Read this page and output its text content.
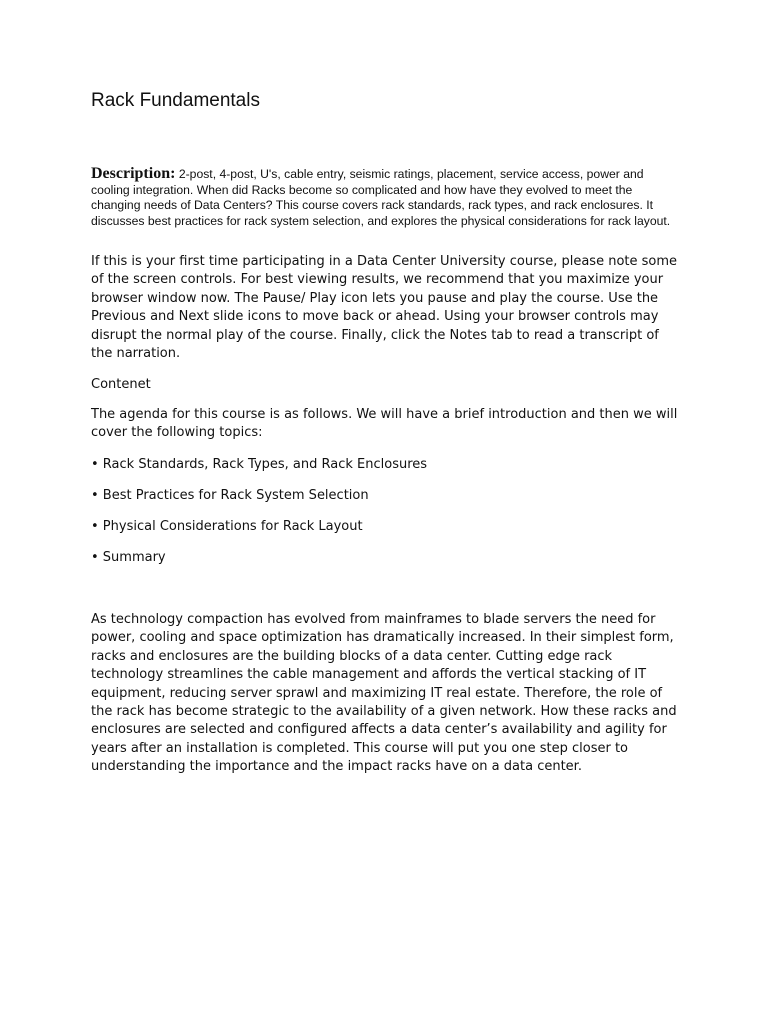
Rack Fundamentals

Description: 2-post, 4-post, U's, cable entry, seismic ratings, placement, service access, power and cooling integration. When did Racks become so complicated and how have they evolved to meet the changing needs of Data Centers? This course covers rack standards, rack types, and rack enclosures. It discusses best practices for rack system selection, and explores the physical considerations for rack layout.

If this is your first time participating in a Data Center University course, please note some of the screen controls. For best viewing results, we recommend that you maximize your browser window now. The Pause/ Play icon lets you pause and play the course. Use the Previous and Next slide icons to move back or ahead. Using your browser controls may disrupt the normal play of the course. Finally, click the Notes tab to read a transcript of the narration.

Contenet

The agenda for this course is as follows. We will have a brief introduction and then we will cover the following topics:

• Rack Standards, Rack Types, and Rack Enclosures
• Best Practices for Rack System Selection
• Physical Considerations for Rack Layout
• Summary

As technology compaction has evolved from mainframes to blade servers the need for power, cooling and space optimization has dramatically increased. In their simplest form, racks and enclosures are the building blocks of a data center. Cutting edge rack technology streamlines the cable management and affords the vertical stacking of IT equipment, reducing server sprawl and maximizing IT real estate. Therefore, the role of the rack has become strategic to the availability of a given network. How these racks and enclosures are selected and configured affects a data center’s availability and agility for years after an installation is completed. This course will put you one step closer to understanding the importance and the impact racks have on a data center.
